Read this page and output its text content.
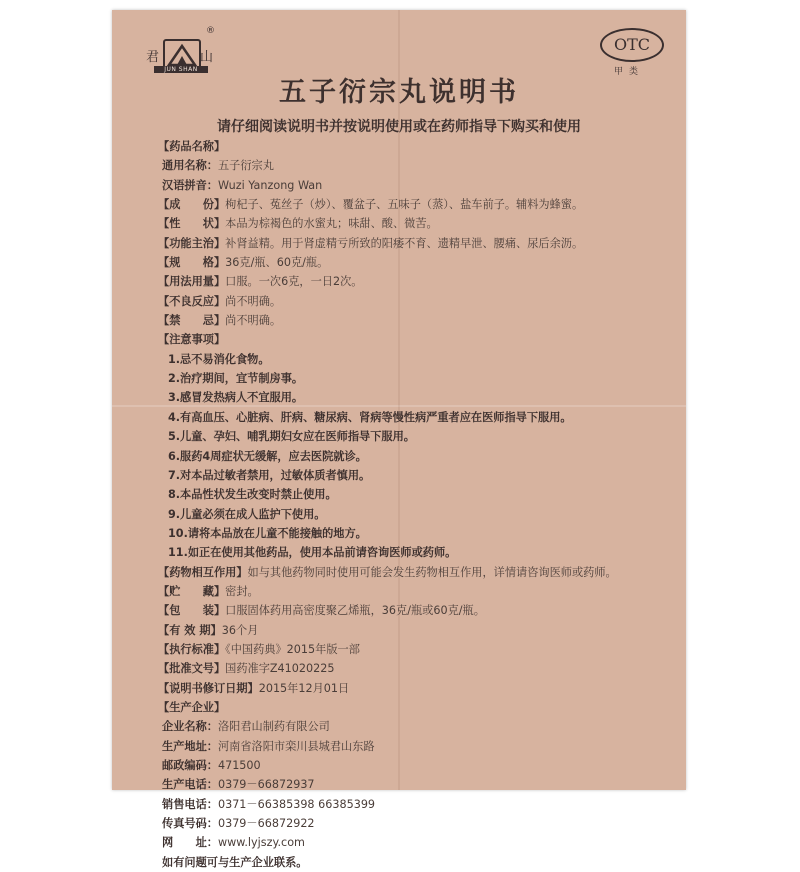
君	山
®
JUN SHAN
OTC
甲类
五子衍宗丸说明书
请仔细阅读说明书并按说明使用或在药师指导下购买和使用
【药品名称】
通用名称：五子衍宗丸
汉语拼音：Wuzi Yanzong Wan
【成　　份】枸杞子、菟丝子（炒）、覆盆子、五味子（蒸）、盐车前子。辅料为蜂蜜。
【性　　状】本品为棕褐色的水蜜丸；味甜、酸、微苦。
【功能主治】补肾益精。用于肾虚精亏所致的阳痿不育、遗精早泄、腰痛、尿后余沥。
【规　　格】36克/瓶、60克/瓶。
【用法用量】口服。一次6克，一日2次。
【不良反应】尚不明确。
【禁　　忌】尚不明确。
【注意事项】
1.忌不易消化食物。
2.治疗期间，宜节制房事。
3.感冒发热病人不宜服用。
4.有高血压、心脏病、肝病、糖尿病、肾病等慢性病严重者应在医师指导下服用。
5.儿童、孕妇、哺乳期妇女应在医师指导下服用。
6.服药4周症状无缓解，应去医院就诊。
7.对本品过敏者禁用，过敏体质者慎用。
8.本品性状发生改变时禁止使用。
9.儿童必须在成人监护下使用。
10.请将本品放在儿童不能接触的地方。
11.如正在使用其他药品，使用本品前请咨询医师或药师。
【药物相互作用】如与其他药物同时使用可能会发生药物相互作用，详情请咨询医师或药师。
【贮　　藏】密封。
【包　　装】口服固体药用高密度聚乙烯瓶，36克/瓶或60克/瓶。
【有 效 期】36个月
【执行标准】《中国药典》2015年版一部
【批准文号】国药准字Z41020225
【说明书修订日期】2015年12月01日
【生产企业】
企业名称：洛阳君山制药有限公司
生产地址：河南省洛阳市栾川县城君山东路
邮政编码：471500
生产电话：0379－66872937
销售电话：0371－66385398 66385399
传真号码：0379－66872922
网　　址：www.lyjszy.com
如有问题可与生产企业联系。
